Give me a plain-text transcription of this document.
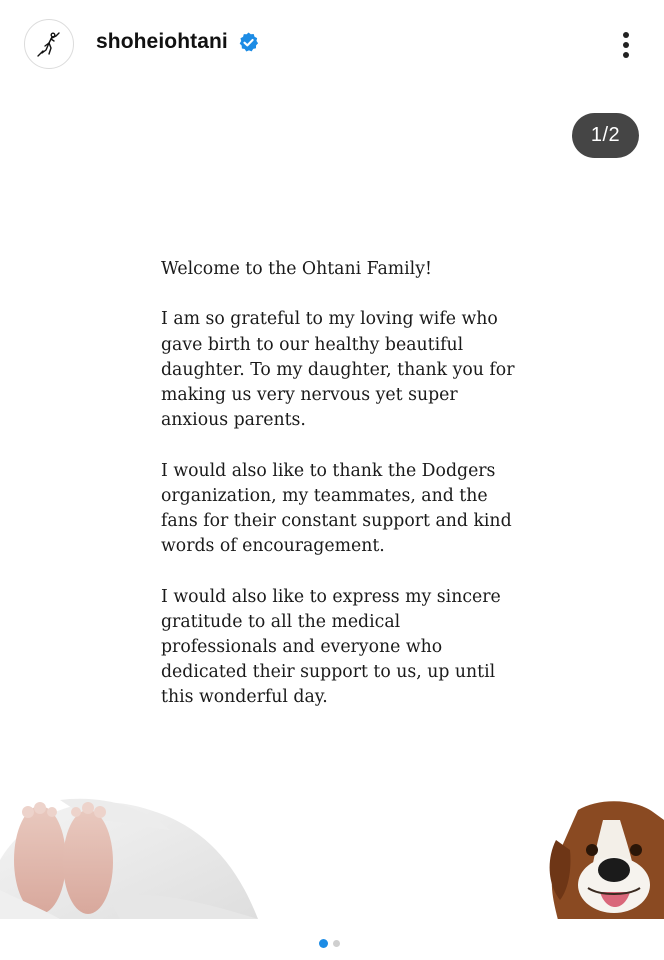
shoheiohtani

Welcome to the Ohtani Family!

I am so grateful to my loving wife who gave birth to our healthy beautiful daughter. To my daughter, thank you for making us very nervous yet super anxious parents.

I would also like to thank the Dodgers organization, my teammates, and the fans for their constant support and kind words of encouragement.

I would also like to express my sincere gratitude to all the medical professionals and everyone who dedicated their support to us, up until this wonderful day.

1/2
